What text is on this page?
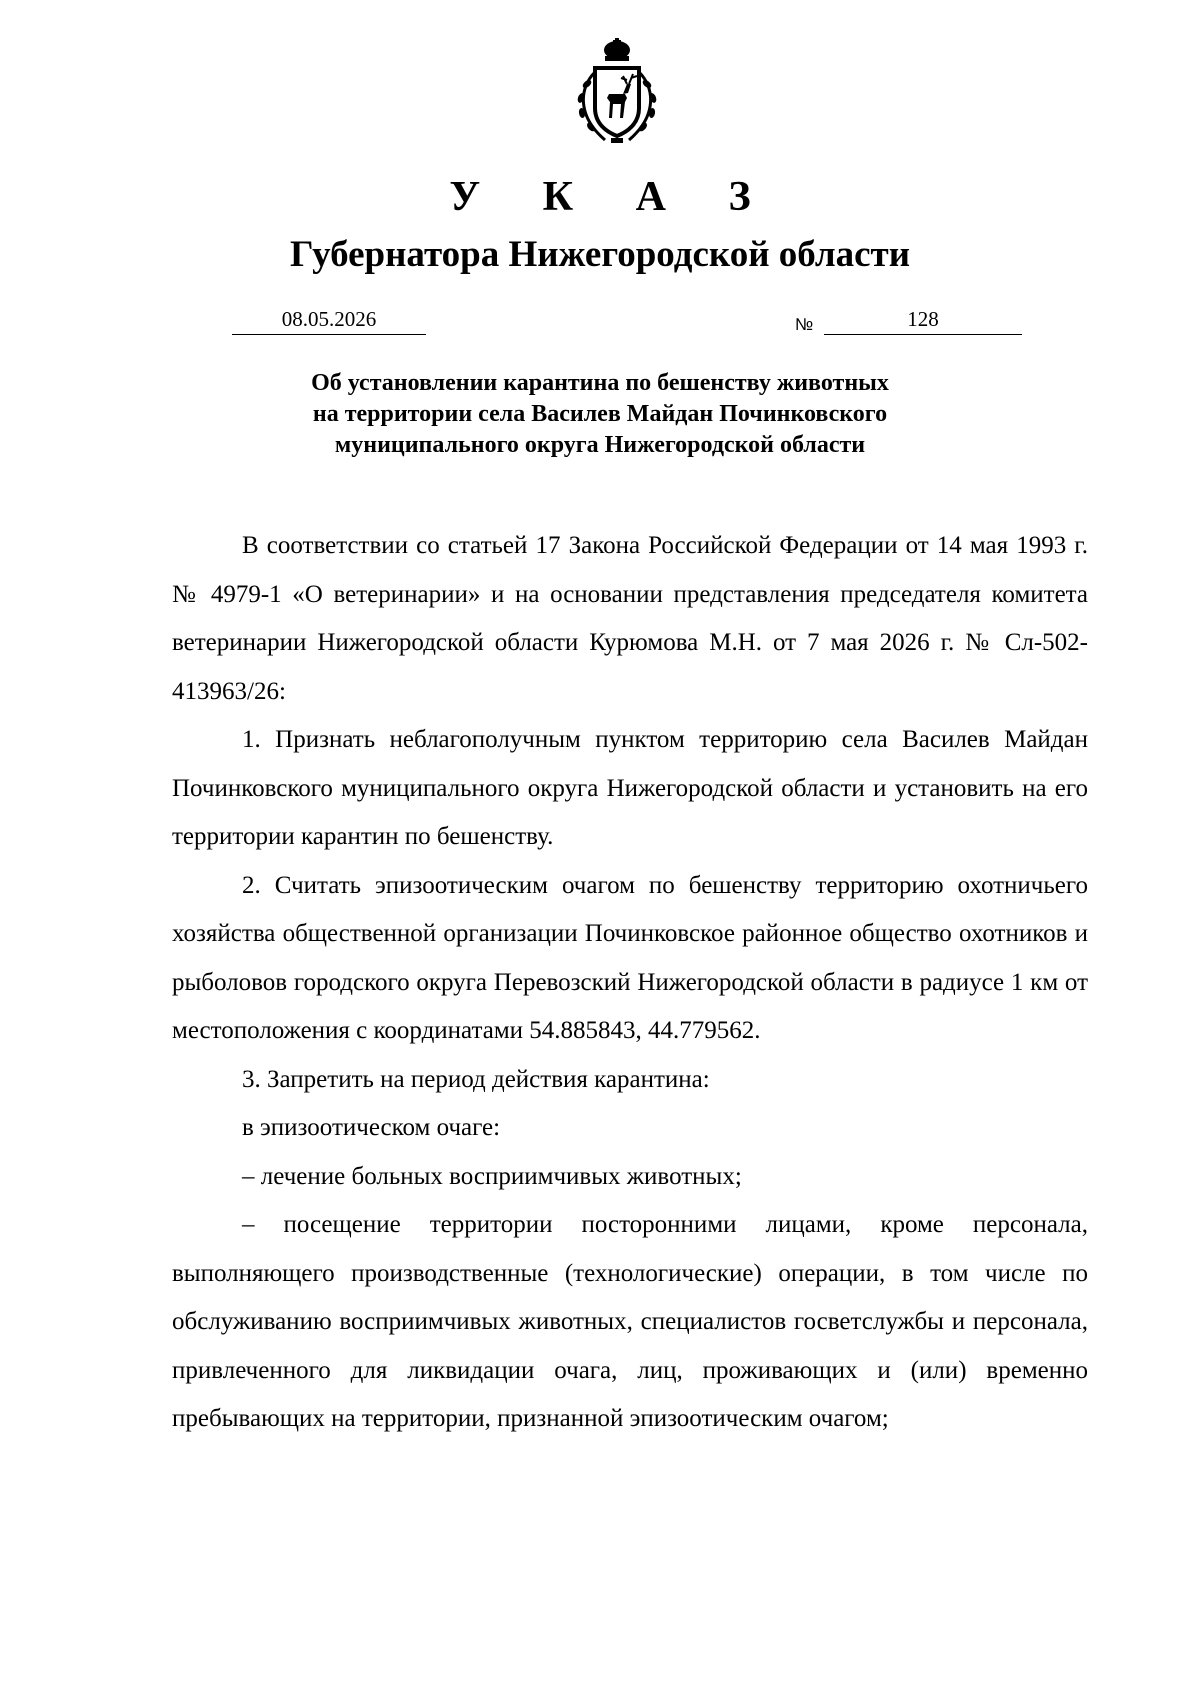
У К А З
Губернатора Нижегородской области
08.05.2026	№	128
Об установлении карантина по бешенству животных
на территории села Василев Майдан Починковского
муниципального округа Нижегородской области

В соответствии со статьей 17 Закона Российской Федерации от 14 мая 1993 г. № 4979-1 «О ветеринарии» и на основании представления председателя комитета ветеринарии Нижегородской области Курюмова М.Н. от 7 мая 2026 г. № Сл-502-413963/26:

1. Признать неблагополучным пунктом территорию села Василев Майдан Починковского муниципального округа Нижегородской области и установить на его территории карантин по бешенству.

2. Считать эпизоотическим очагом по бешенству территорию охотничьего хозяйства общественной организации Починковское районное общество охотников и рыболовов городского округа Перевозский Нижегородской области в радиусе 1 км от местоположения с координатами 54.885843, 44.779562.

3. Запретить на период действия карантина:

в эпизоотическом очаге:

– лечение больных восприимчивых животных;

– посещение территории посторонними лицами, кроме персонала, выполняющего производственные (технологические) операции, в том числе по обслуживанию восприимчивых животных, специалистов госветслужбы и персонала, привлеченного для ликвидации очага, лиц, проживающих и (или) временно пребывающих на территории, признанной эпизоотическим очагом;
